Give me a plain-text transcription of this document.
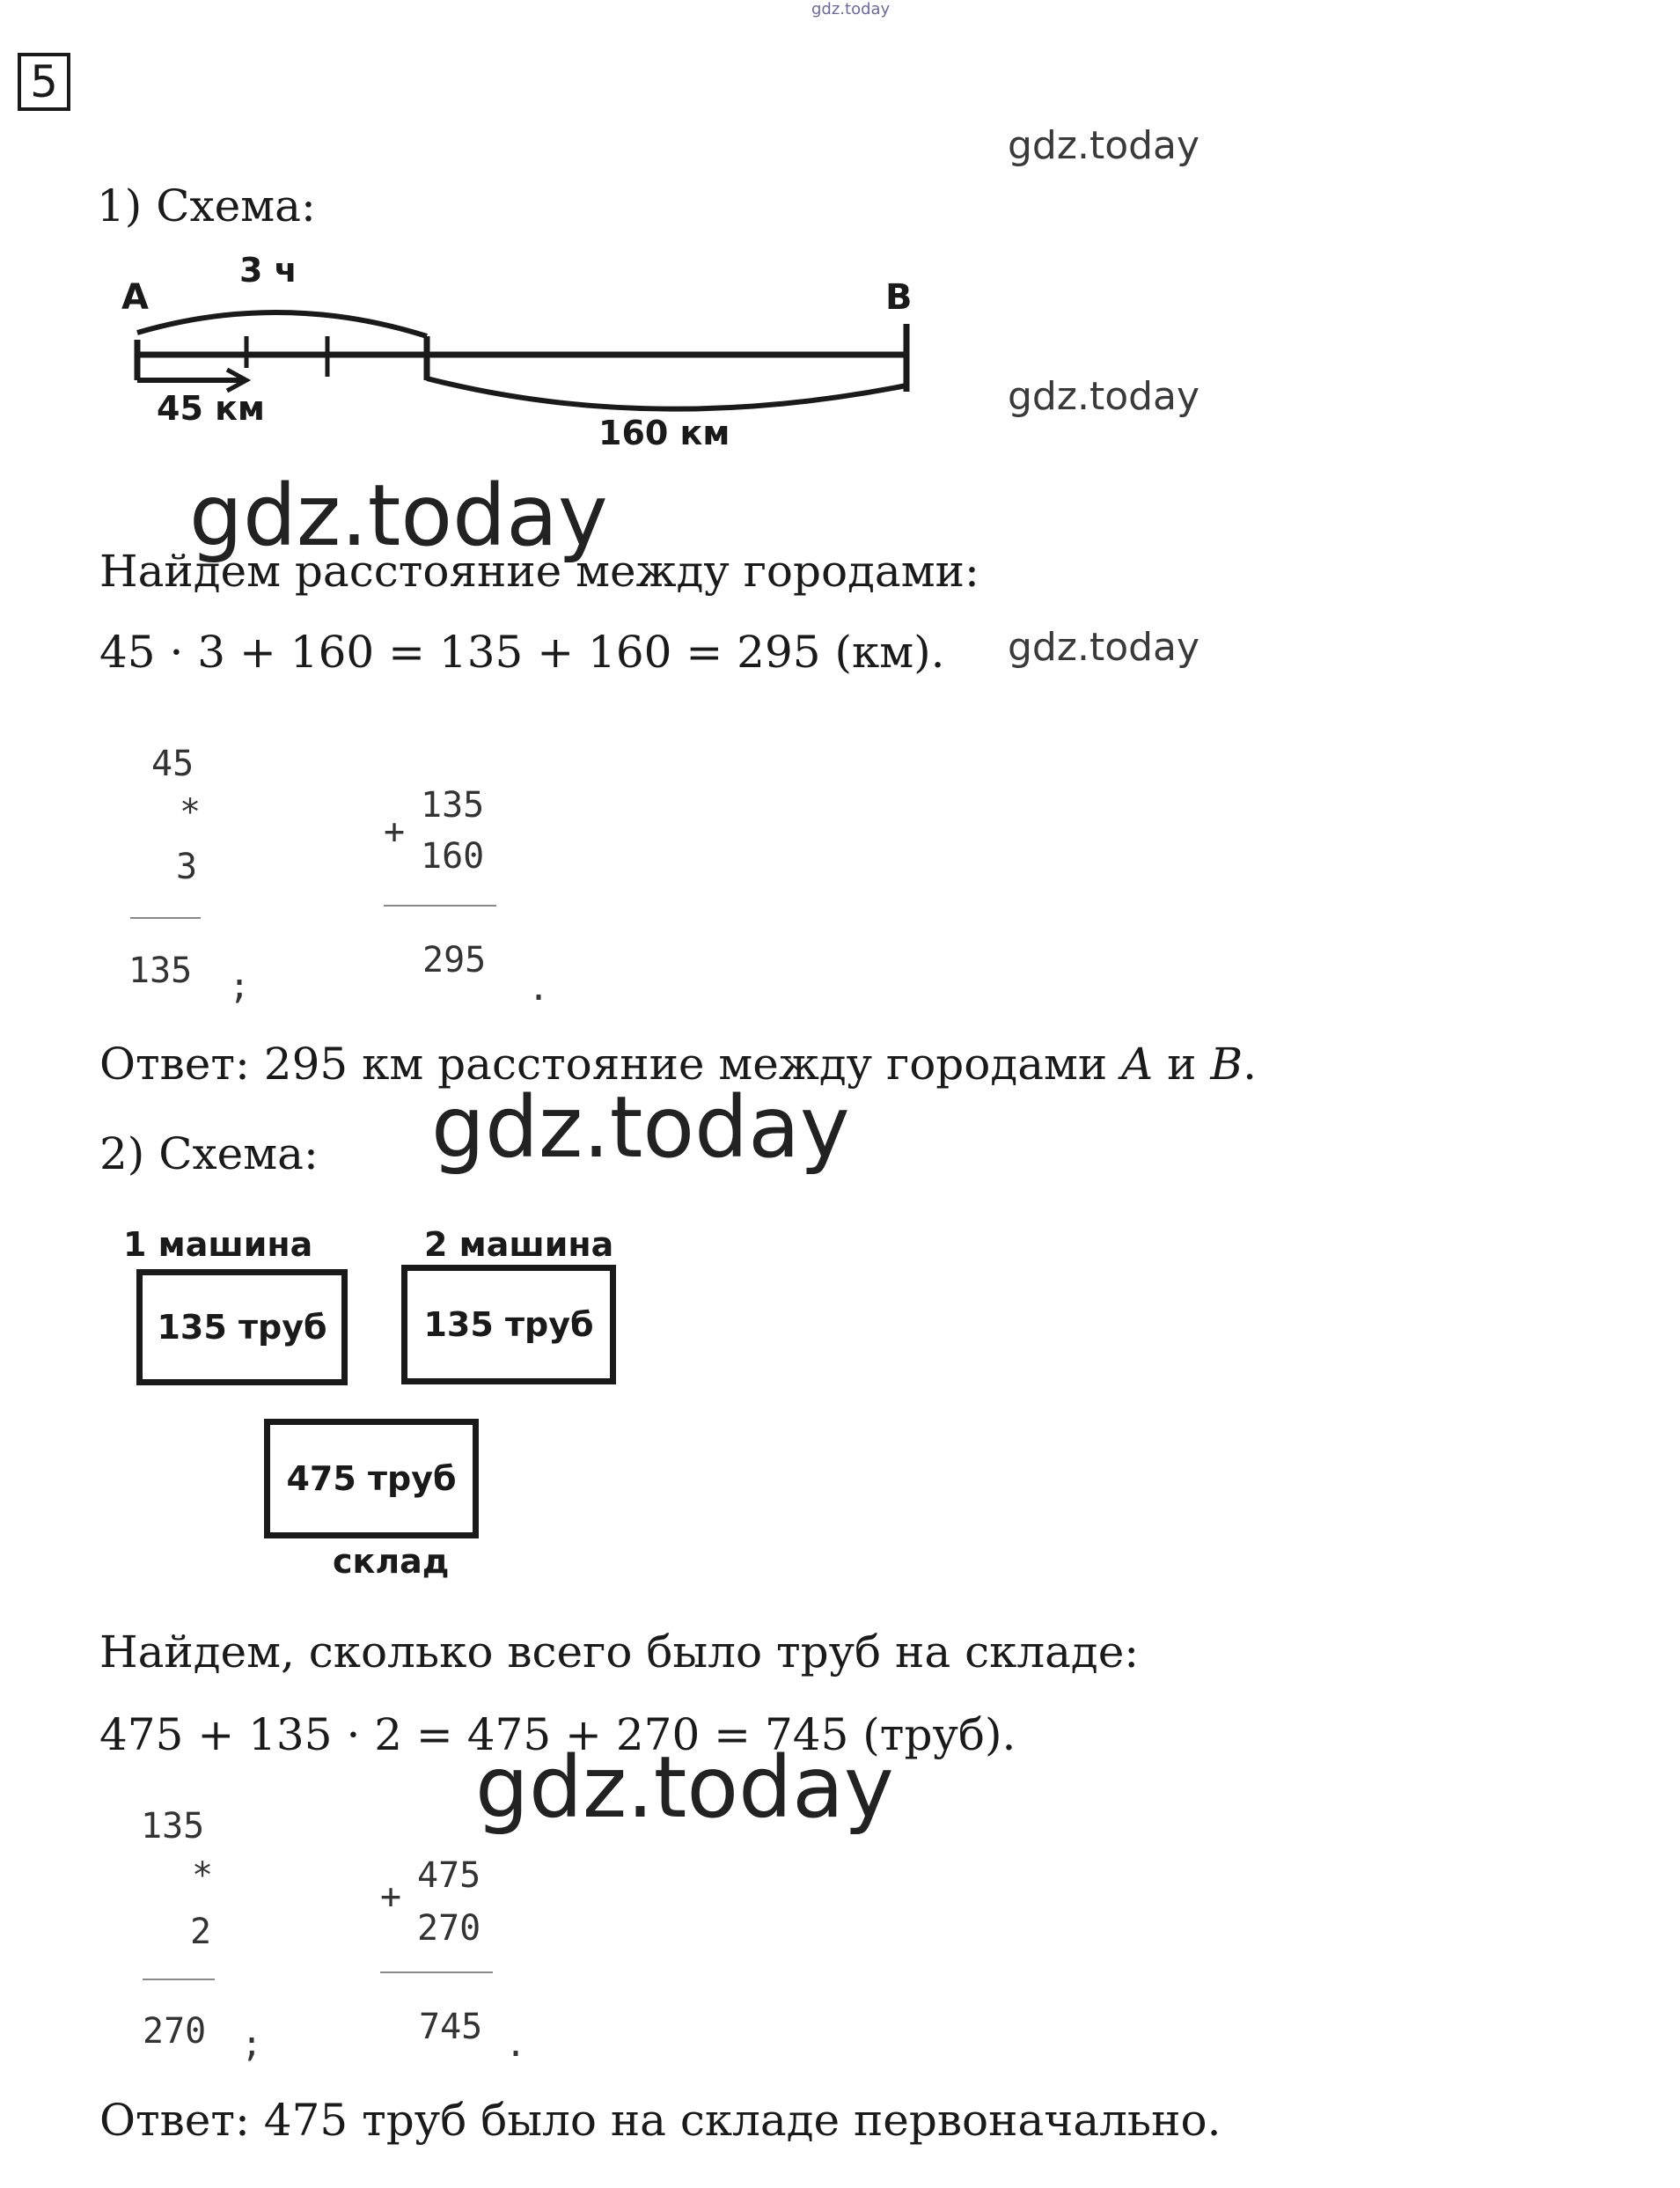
gdz.today
gdz.today
gdz.today
gdz.today
5
1) Схема:
A	B
3 ч
45 км
160 км
gdz.today
Найдем расстояние между городами:
45 · 3 + 160 = 135 + 160 = 295 (км).
45
*
3
135 ;
+
135
160
295
.
Ответ: 295 км расстояние между городами A и B.
gdz.today
2) Схема:
1 машина	2 машина
135 труб	135 труб
475 труб
склад
Найдем, сколько всего было труб на складе:
475 + 135 · 2 = 475 + 270 = 745 (труб).
gdz.today
135
*
2
270 ;
+
475
270
745 .
Ответ: 475 труб было на складе первоначально.
